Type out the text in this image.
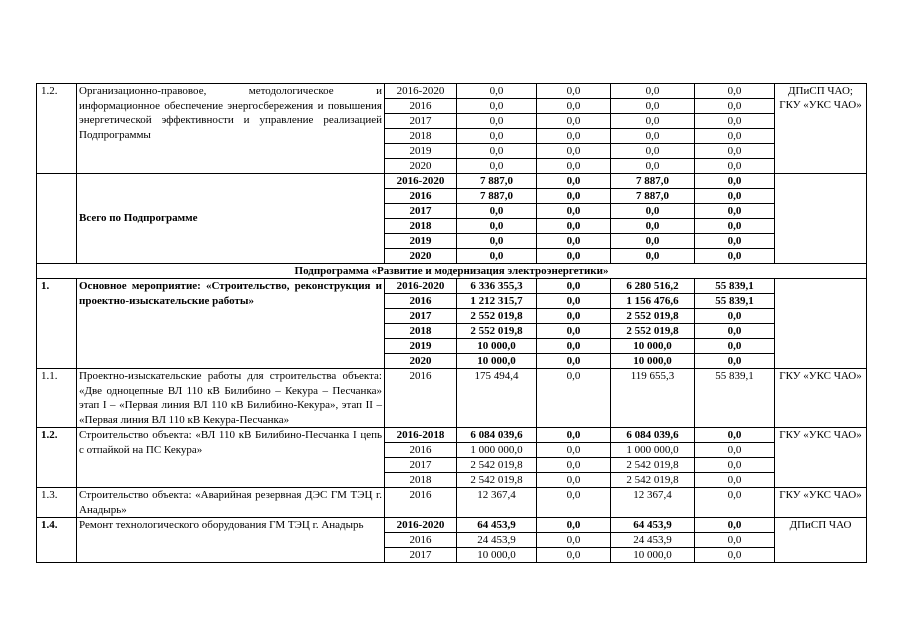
1.2.	Организационно-правовое, методологическое и информационное обеспечение энергосбережения и повышения энергетической эффективности и управление реализацией Подпрограммы	2016-2020	0,0	0,0	0,0	0,0	ДПиСП ЧАО; ГКУ «УКС ЧАО»
		2016	0,0	0,0	0,0	0,0	
		2017	0,0	0,0	0,0	0,0	
		2018	0,0	0,0	0,0	0,0	
		2019	0,0	0,0	0,0	0,0	
		2020	0,0	0,0	0,0	0,0	
	Всего по Подпрограмме	2016-2020	7 887,0	0,0	7 887,0	0,0	
		2016	7 887,0	0,0	7 887,0	0,0	
		2017	0,0	0,0	0,0	0,0	
		2018	0,0	0,0	0,0	0,0	
		2019	0,0	0,0	0,0	0,0	
		2020	0,0	0,0	0,0	0,0	
Подпрограмма «Развитие и модернизация электроэнергетики»							
1.	Основное мероприятие: «Строительство, реконструкция и проектно-изыскательские работы»	2016-2020	6 336 355,3	0,0	6 280 516,2	55 839,1	
		2016	1 212 315,7	0,0	1 156 476,6	55 839,1	
		2017	2 552 019,8	0,0	2 552 019,8	0,0	
		2018	2 552 019,8	0,0	2 552 019,8	0,0	
		2019	10 000,0	0,0	10 000,0	0,0	
		2020	10 000,0	0,0	10 000,0	0,0	
1.1.	Проектно-изыскательские работы для строительства объекта: «Две одноцепные ВЛ 110 кВ Билибино – Кекура – Песчанка» этап I – «Первая линия ВЛ 110 кВ Билибино-Кекура», этап II – «Первая линия ВЛ 110 кВ Кекура-Песчанка»	2016	175 494,4	0,0	119 655,3	55 839,1	ГКУ «УКС ЧАО»
1.2.	Строительство объекта: «ВЛ 110 кВ Билибино-Песчанка I цепь с отпайкой на ПС Кекура»	2016-2018	6 084 039,6	0,0	6 084 039,6	0,0	ГКУ «УКС ЧАО»
		2016	1 000 000,0	0,0	1 000 000,0	0,0	
		2017	2 542 019,8	0,0	2 542 019,8	0,0	
		2018	2 542 019,8	0,0	2 542 019,8	0,0	
1.3.	Строительство объекта: «Аварийная резервная ДЭС ГМ ТЭЦ г. Анадырь»	2016	12 367,4	0,0	12 367,4	0,0	ГКУ «УКС ЧАО»
1.4.	Ремонт технологического оборудования ГМ ТЭЦ г. Анадырь	2016-2020	64 453,9	0,0	64 453,9	0,0	ДПиСП ЧАО
		2016	24 453,9	0,0	24 453,9	0,0	
		2017	10 000,0	0,0	10 000,0	0,0	
